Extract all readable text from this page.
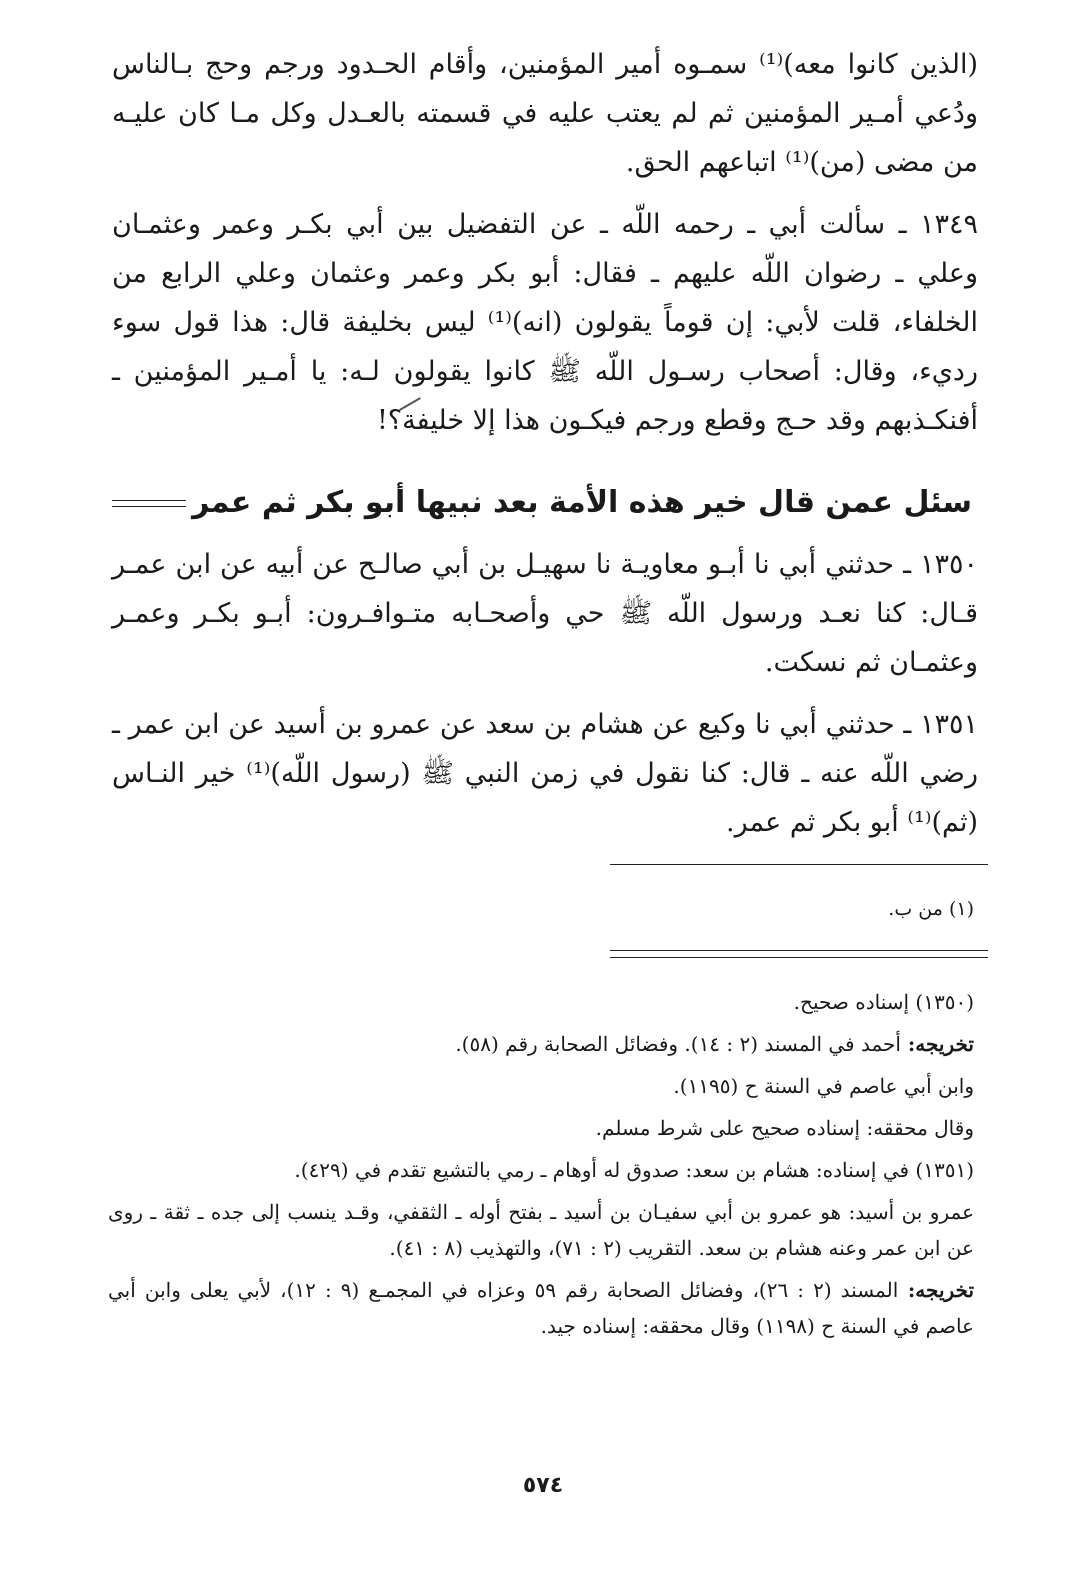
(الذين كانوا معه)⁽¹⁾ سمـوه أمير المؤمنين، وأقام الحـدود ورجم وحج بـالناس ودُعي أمـير المؤمنين ثم لم يعتب عليه في قسمته بالعـدل وكل مـا كان عليـه من مضى (من)⁽¹⁾ اتباعهم الحق.

١٣٤٩ ـ سألت أبي ـ رحمه اللّه ـ عن التفضيل بين أبي بكـر وعمر وعثمـان وعلي ـ رضوان اللّه عليهم ـ فقال: أبو بكر وعمر وعثمان وعلي الرابع من الخلفاء، قلت لأبي: إن قوماً يقولون (انه)⁽¹⁾ ليس بخليفة قال: هذا قول سوء رديء، وقال: أصحاب رسـول اللّه ﷺ كانوا يقولون لـه: يا أمـير المؤمنين ـ أفنكـذبهم وقد حـج وقطع ورجم فيكـون هذا إلا خليفة؟!

سئل عمن قال خير هذه الأمة بعد نبيها أبو بكر ثم عمر

١٣٥٠ ـ حدثني أبي نا أبـو معاويـة نا سهيـل بن أبي صالـح عن أبيه عن ابن عمـر قـال: كنا نعـد ورسول اللّه ﷺ حي وأصحـابه متـوافـرون: أبـو بكـر وعمـر وعثمـان ثم نسكت.

١٣٥١ ـ حدثني أبي نا وكيع عن هشام بن سعد عن عمرو بن أسيد عن ابن عمر ـ رضي اللّه عنه ـ قال: كنا نقول في زمن النبي ﷺ (رسول اللّه)⁽¹⁾ خير النـاس (ثم)⁽¹⁾ أبو بكر ثم عمر.

(١) من ب.

(١٣٥٠) إسناده صحيح.

تخريجه: أحمد في المسند (٢ : ١٤). وفضائل الصحابة رقم (٥٨).

وابن أبي عاصم في السنة ح (١١٩٥).

وقال محققه: إسناده صحيح على شرط مسلم.

(١٣٥١) في إسناده: هشام بن سعد: صدوق له أوهام ـ رمي بالتشيع تقدم في (٤٢٩).

عمرو بن أسيد: هو عمرو بن أبي سفيـان بن أسيد ـ بفتح أوله ـ الثقفي، وقـد ينسب إلى جده ـ ثقة ـ روى عن ابن عمر وعنه هشام بن سعد. التقريب (٢ : ٧١)، والتهذيب (٨ : ٤١).

تخريجه: المسند (٢ : ٢٦)، وفضائل الصحابة رقم ٥٩ وعزاه في المجمـع (٩ : ١٢)، لأبي يعلى وابن أبي عاصم في السنة ح (١١٩٨) وقال محققه: إسناده جيد.

٥٧٤
